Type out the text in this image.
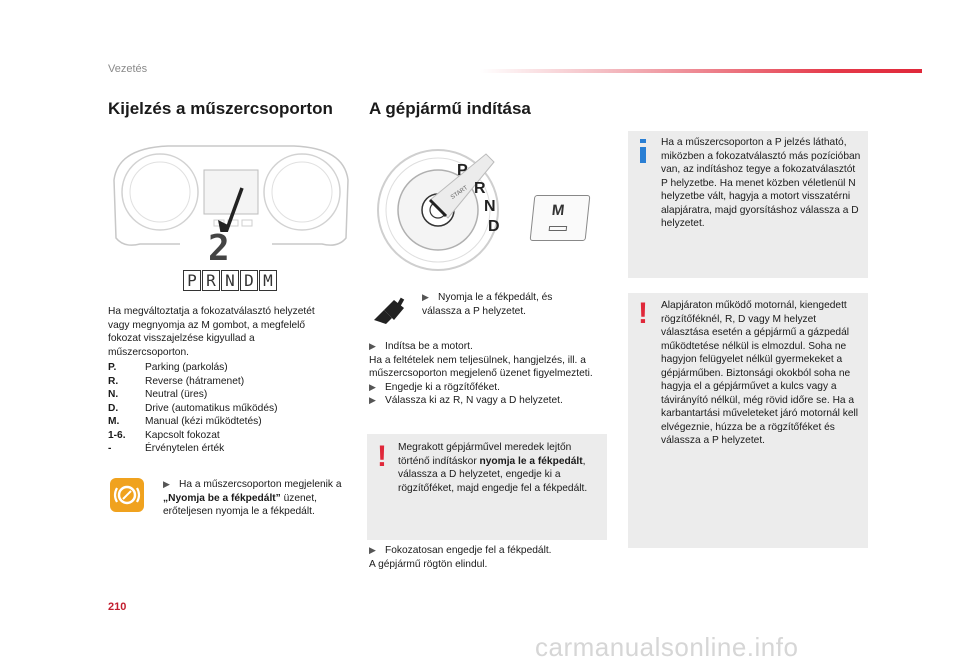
Vezetés
Kijelzés a műszercsoporton
2
P R N D M
Ha megváltoztatja a fokozatválasztó helyzetét vagy megnyomja az M gombot, a megfelelő fokozat visszajelzése kigyullad a műszercsoporton.
P.	Parking (parkolás)
R.	Reverse (hátramenet)
N.	Neutral (üres)
D.	Drive (automatikus működés)
M.	Manual (kézi működtetés)
1-6.	Kapcsolt fokozat
-	Érvénytelen érték
▶ Ha a műszercsoporton megjelenik a „Nyomja be a fékpedált” üzenet, erőteljesen nyomja le a fékpedált.
A gépjármű indítása
P
R
N
D
START
M
▶ Nyomja le a fékpedált, és válassza a P helyzetet.
▶ Indítsa be a motort.
Ha a feltételek nem teljesülnek, hangjelzés, ill. a műszercsoporton megjelenő üzenet figyelmezteti.
▶ Engedje ki a rögzítőféket.
▶ Válassza ki az R, N vagy a D helyzetet.
! Megrakott gépjárművel meredek lejtőn történő indításkor nyomja le a fékpedált, válassza a D helyzetet, engedje ki a rögzítőféket, majd engedje fel a fékpedált.
▶ Fokozatosan engedje fel a fékpedált.
A gépjármű rögtön elindul.
Ha a műszercsoporton a P jelzés látható, miközben a fokozatválasztó más pozícióban van, az indításhoz tegye a fokozatválasztót P helyzetbe. Ha menet közben véletlenül N helyzetbe vált, hagyja a motort visszatérni alapjáratra, majd gyorsításhoz válassza a D helyzetet.
! Alapjáraton működő motornál, kiengedett rögzítőféknél, R, D vagy M helyzet választása esetén a gépjármű a gázpedál működtetése nélkül is elmozdul. Soha ne hagyjon felügyelet nélkül gyermekeket a gépjárműben. Biztonsági okokból soha ne hagyja el a gépjárművet a kulcs vagy a távirányító nélkül, még rövid időre se. Ha a karbantartási műveleteket járó motornál kell elvégeznie, húzza be a rögzítőféket és válassza a P helyzetet.
210
carmanualsonline.info
